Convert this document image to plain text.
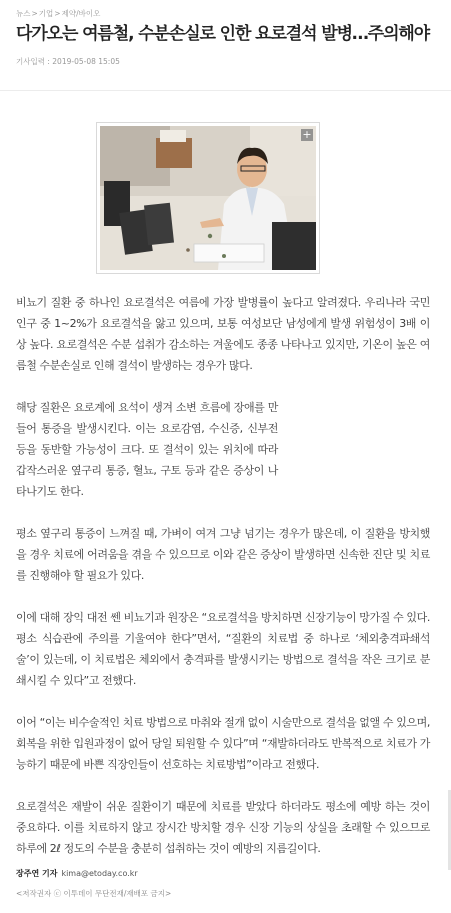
뉴스>기업>제약/바이오
다가오는 여름철, 수분손실로 인한 요로결석 발병…주의해야
기사입력 : 2019-05-08 15:05
+

비뇨기 질환 중 하나인 요로결석은 여름에 가장 발병률이 높다고 알려졌다. 우리나라 국민 인구 중 1~2%가 요로결석을 앓고 있으며, 보통 여성보단 남성에게 발생 위험성이 3배 이상 높다. 요로결석은 수분 섭취가 감소하는 겨울에도 종종 나타나고 있지만, 기온이 높은 여름철 수분손실로 인해 결석이 발생하는 경우가 많다.

해당 질환은 요로계에 요석이 생겨 소변 흐름에 장애를 만들어 통증을 발생시킨다. 이는 요로감염, 수신증, 신부전 등을 동반할 가능성이 크다. 또 결석이 있는 위치에 따라 갑작스러운 옆구리 통증, 혈뇨, 구토 등과 같은 증상이 나타나기도 한다.

평소 옆구리 통증이 느껴질 때, 가벼이 여겨 그냥 넘기는 경우가 많은데, 이 질환을 방치했을 경우 치료에 어려움을 겪을 수 있으므로 이와 같은 증상이 발생하면 신속한 진단 및 치료를 진행해야 할 필요가 있다.

이에 대해 장익 대전 쎈 비뇨기과 원장은 “요로결석을 방치하면 신장기능이 망가질 수 있다. 평소 식습관에 주의를 기울여야 한다”면서, “질환의 치료법 중 하나로 ‘체외충격파쇄석술’이 있는데, 이 치료법은 체외에서 충격파를 발생시키는 방법으로 결석을 작은 크기로 분쇄시킬 수 있다”고 전했다.

이어 “이는 비수술적인 치료 방법으로 마취와 절개 없이 시술만으로 결석을 없앨 수 있으며, 회복을 위한 입원과정이 없어 당일 퇴원할 수 있다”며 “재발하더라도 반복적으로 치료가 가능하기 때문에 바쁜 직장인들이 선호하는 치료방법”이라고 전했다.

요로결석은 재발이 쉬운 질환이기 때문에 치료를 받았다 하더라도 평소에 예방 하는 것이 중요하다. 이를 치료하지 않고 장시간 방치할 경우 신장 기능의 상실을 초래할 수 있으므로 하루에 2ℓ 정도의 수분을 충분히 섭취하는 것이 예방의 지름길이다.

장주연 기자 kima@etoday.co.kr
<저작권자 ⓒ 이투데이 무단전재/재배포 금지>
